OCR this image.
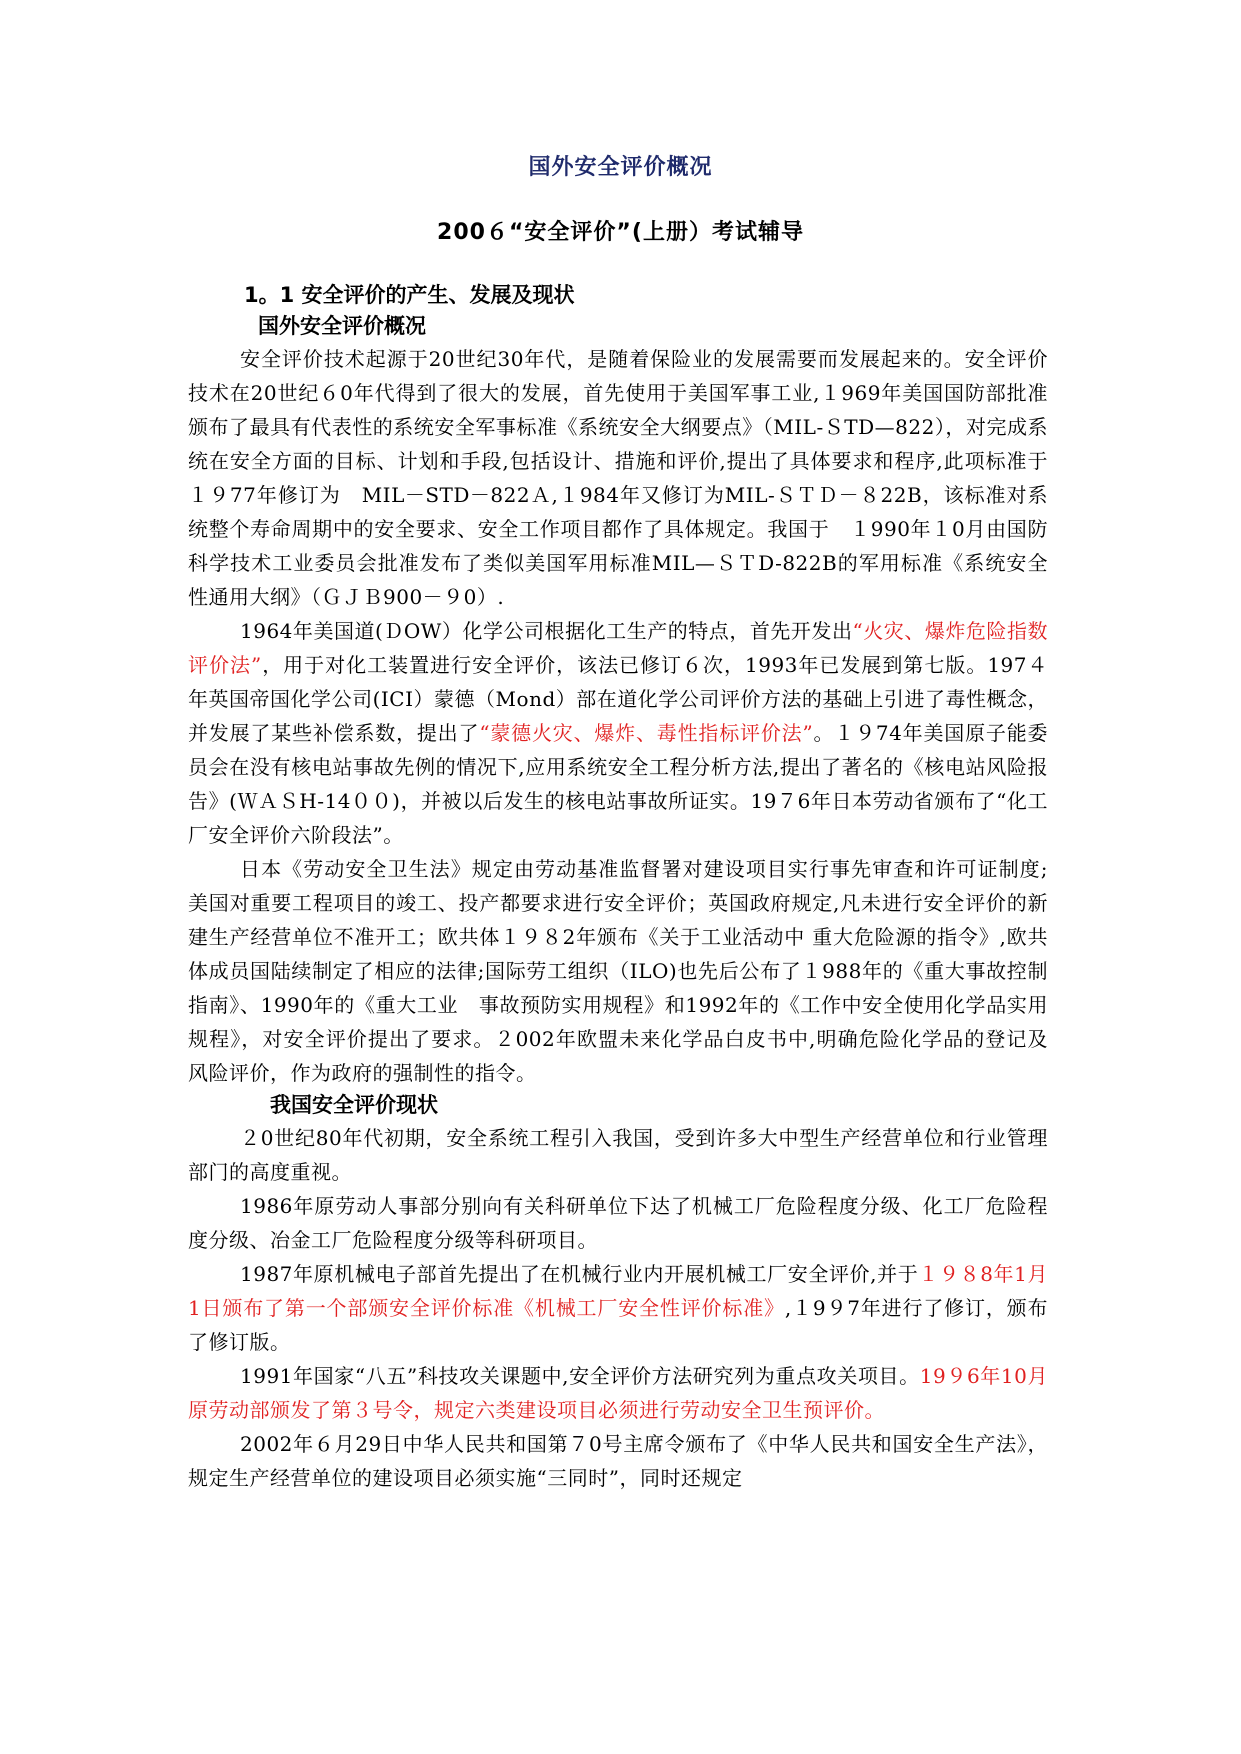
国外安全评价概况
200６“安全评价”(上册）考试辅导
1。1 安全评价的产生、发展及现状
国外安全评价概况

安全评价技术起源于20世纪30年代，是随着保险业的发展需要而发展起来的。安全评价技术在20世纪６0年代得到了很大的发展，首先使用于美国军事工业,１969年美国国防部批准颁布了最具有代表性的系统安全军事标准《系统安全大纲要点》（MIL-ＳTD—822），对完成系统在安全方面的目标、计划和手段,包括设计、措施和评价,提出了具体要求和程序,此项标准于１９77年修订为　MIL－STD－822Ａ,１984年又修订为MIL-ＳＴＤ－８22B，该标准对系统整个寿命周期中的安全要求、安全工作项目都作了具体规定。我国于　１990年１0月由国防科学技术工业委员会批准发布了类似美国军用标准MIL—ＳＴD-822B的军用标准《系统安全性通用大纲》（ＧＪＢ900－９0）.

1964年美国道(ＤOW）化学公司根据化工生产的特点，首先开发出“火灾、爆炸危险指数评价法”，用于对化工装置进行安全评价，该法已修订６次，1993年已发展到第七版。197４年英国帝国化学公司(ICI）蒙德（Mond）部在道化学公司评价方法的基础上引进了毒性概念，并发展了某些补偿系数，提出了“蒙德火灾、爆炸、毒性指标评价法”。１９74年美国原子能委员会在没有核电站事故先例的情况下,应用系统安全工程分析方法,提出了著名的《核电站风险报告》(ＷＡＳH-14００)，并被以后发生的核电站事故所证实。19７6年日本劳动省颁布了“化工厂安全评价六阶段法”。

日本《劳动安全卫生法》规定由劳动基准监督署对建设项目实行事先审查和许可证制度;　　美国对重要工程项目的竣工、投产都要求进行安全评价；英国政府规定,凡未进行安全评价的新建生产经营单位不准开工；欧共体１９８2年颁布《关于工业活动中 重大危险源的指令》,欧共体成员国陆续制定了相应的法律;国际劳工组织（ILO)也先后公布了１988年的《重大事故控制指南》、1990年的《重大工业　事故预防实用规程》和1992年的《工作中安全使用化学品实用规程》，对安全评价提出了要求。２002年欧盟未来化学品白皮书中,明确危险化学品的登记及 风险评价，作为政府的强制性的指令。

我国安全评价现状

２0世纪80年代初期，安全系统工程引入我国，受到许多大中型生产经营单位和行业管理部门的高度重视。

1986年原劳动人事部分别向有关科研单位下达了机械工厂危险程度分级、化工厂危险程度分级、冶金工厂危险程度分级等科研项目。

1987年原机械电子部首先提出了在机械行业内开展机械工厂安全评价,并于１９８8年1月1日颁布了第一个部颁安全评价标准《机械工厂安全性评价标准》,１9９7年进行了修订，颁布了修订版。

1991年国家“八五”科技攻关课题中,安全评价方法研究列为重点攻关项目。19９6年10月原劳动部颁发了第３号令，规定六类建设项目必须进行劳动安全卫生预评价。

2002年６月29日中华人民共和国第７0号主席令颁布了《中华人民共和国安全生产法》，规定生产经营单位的建设项目必须实施“三同时”，同时还规定
